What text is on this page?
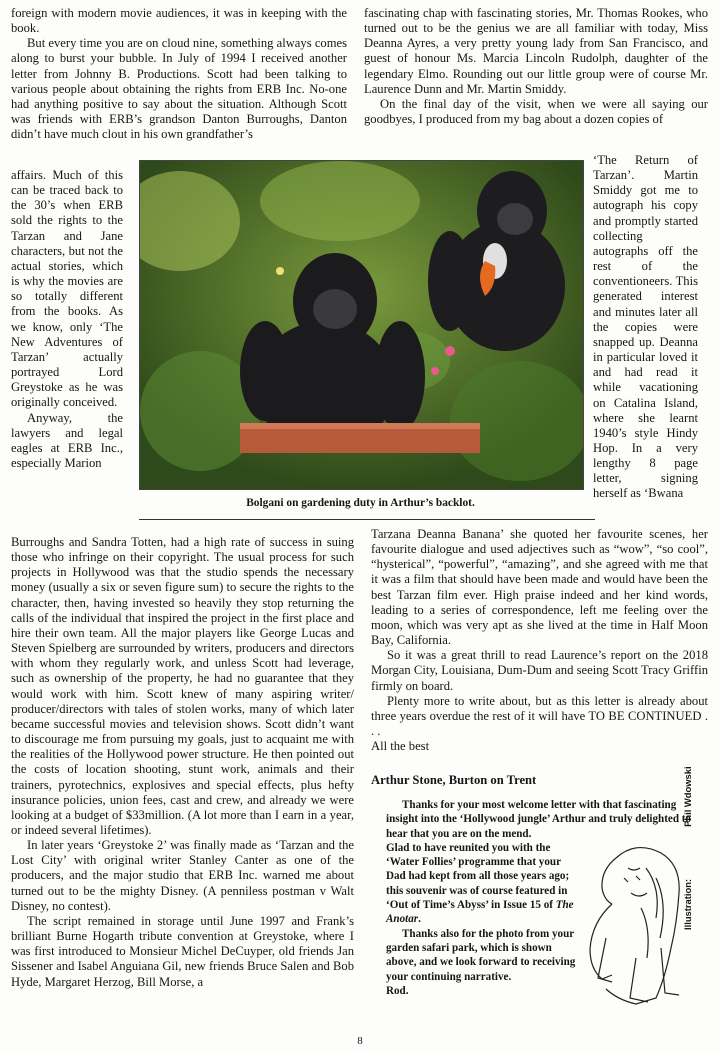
foreign with modern movie audiences, it was in keeping with the book.

But every time you are on cloud nine, something always comes along to burst your bubble. In July of 1994 I received another letter from Johnny B. Productions. Scott had been talking to various people about obtaining the rights from ERB Inc. No-one had anything positive to say about the situation. Although Scott was friends with ERB’s grandson Danton Burroughs, Danton didn’t have much clout in his own grandfather’s

affairs. Much of this can be traced back to the 30’s when ERB sold the rights to the Tarzan and Jane characters, but not the actual stories, which is why the movies are so totally different from the books. As we know, only ‘The New Adventures of Tarzan’ actually portrayed Lord Greystoke as he was originally conceived.

Anyway, the lawyers and legal eagles at ERB Inc., especially Marion

Burroughs and Sandra Totten, had a high rate of success in suing those who infringe on their copyright. The usual process for such projects in Hollywood was that the studio spends the necessary money (usually a six or seven figure sum) to secure the rights to the character, then, having invested so heavily they stop returning the calls of the individual that inspired the project in the first place and hire their own team. All the major players like George Lucas and Steven Spielberg are surrounded by writers, producers and directors with whom they regularly work, and unless Scott had leverage, such as ownership of the property, he had no guarantee that they would work with him. Scott knew of many aspiring writer/ producer/directors with tales of stolen works, many of which later became successful movies and television shows. Scott didn’t want to discourage me from pursuing my goals, just to acquaint me with the realities of the Hollywood power structure. He then pointed out the costs of location shooting, stunt work, animals and their trainers, pyrotechnics, explosives and special effects, plus hefty insurance policies, union fees, cast and crew, and already we were looking at a budget of $33million. (A lot more than I earn in a year, or indeed several lifetimes).

In later years ‘Greystoke 2’ was finally made as ‘Tarzan and the Lost City’ with original writer Stanley Canter as one of the producers, and the major studio that ERB Inc. warned me about turned out to be the mighty Disney. (A penniless postman v Walt Disney, no contest).

The script remained in storage until June 1997 and Frank’s brilliant Burne Hogarth tribute convention at Greystoke, where I was first introduced to Monsieur Michel DeCuyper, old friends Jan Sissener and Isabel Anguiana Gil, new friends Bruce Salen and Bob Hyde, Margaret Herzog, Bill Morse, a

fascinating chap with fascinating stories, Mr. Thomas Rookes, who turned out to be the genius we are all familiar with today, Miss Deanna Ayres, a very pretty young lady from San Francisco, and guest of honour Ms. Marcia Lincoln Rudolph, daughter of the legendary Elmo. Rounding out our little group were of course Mr. Laurence Dunn and Mr. Martin Smiddy.

On the final day of the visit, when we were all saying our goodbyes, I produced from my bag about a dozen copies of

‘The Return of Tarzan’. Martin Smiddy got me to autograph his copy and promptly started collecting autographs off the rest of the conventioneers. This generated interest and minutes later all the copies were snapped up. Deanna in particular loved it and had read it while vacationing on Catalina Island, where she learnt 1940’s style Hindy Hop. In a very lengthy 8 page letter, signing herself as ‘Bwana

Tarzana Deanna Banana’ she quoted her favourite scenes, her favourite dialogue and used adjectives such as “wow”, “so cool”, “hysterical”, “powerful”, “amazing”, and she agreed with me that it was a film that should have been made and would have been the best Tarzan film ever. High praise indeed and her kind words, leading to a series of correspondence, left me feeling over the moon, which was very apt as she lived at the time in Half Moon Bay, California.

So it was a great thrill to read Laurence’s report on the 2018 Morgan City, Louisiana, Dum-Dum and seeing Scott Tracy Griffin firmly on board.

Plenty more to write about, but as this letter is already about three years overdue the rest of it will have TO BE CONTINUED . . .

All the best

Arthur Stone, Burton on Trent
Bolgani on gardening duty in Arthur’s backlot.

Thanks for your most welcome letter with that fascinating insight into the ‘Hollywood jungle’ Arthur and truly delighted to hear that you are on the mend.

Glad to have reunited you with the ‘Water Follies’ programme that your Dad had kept from all those years ago; this souvenir was of course featured in ‘Out of Time’s Abyss’ in Issue 15 of The Anotar.

Thanks also for the photo from your garden safari park, which is shown above, and we look forward to receiving your continuing narrative.

Rod.

Illustration:                    Phil Wdowski
8
